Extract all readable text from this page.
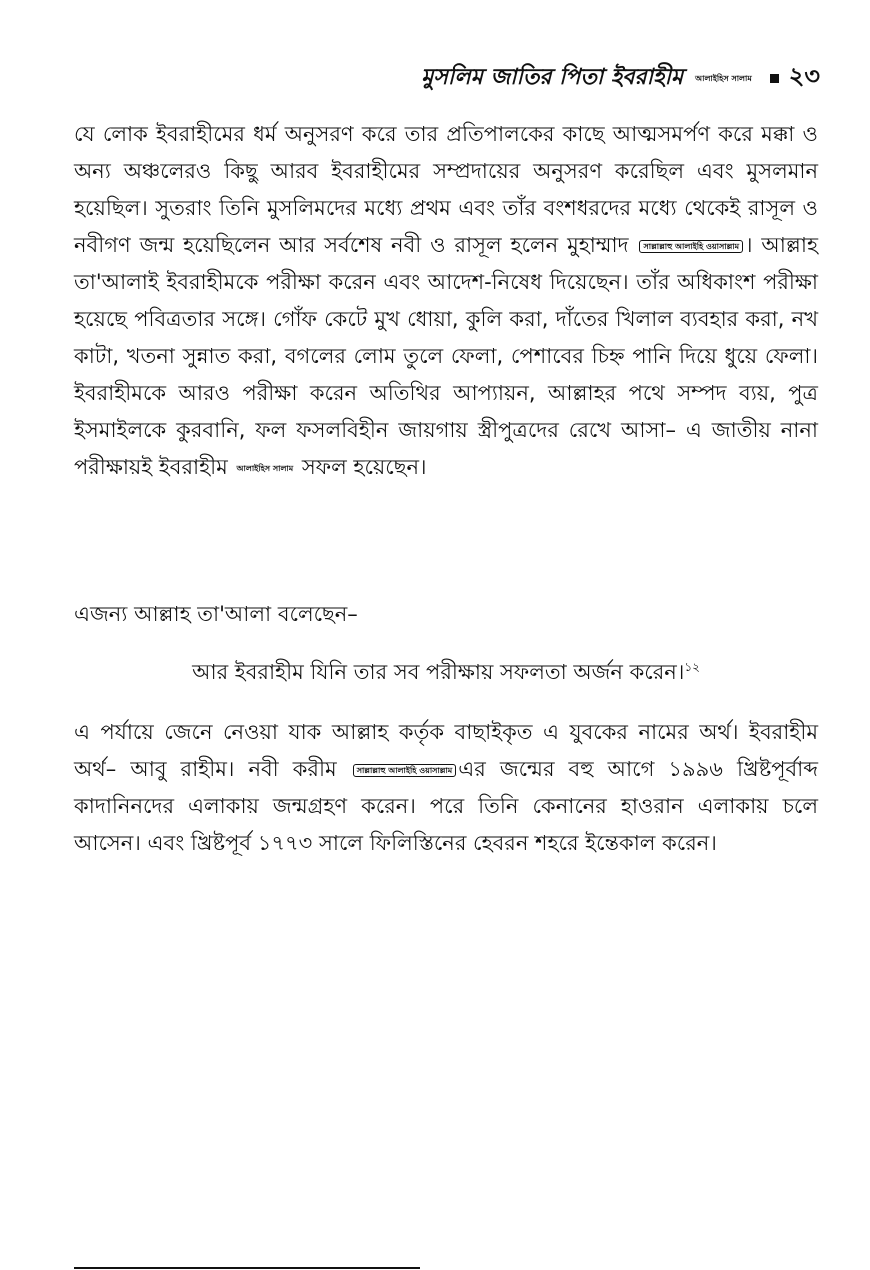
মুসলিম জাতির পিতা ইবরাহীম আলাইহিস সালাম ২৩

যে লোক ইবরাহীমের ধর্ম অনুসরণ করে তার প্রতিপালকের কাছে আত্মসমর্পণ করে মক্কা ও অন্য অঞ্চলেরও কিছু আরব ইবরাহীমের সম্প্রদায়ের অনুসরণ করেছিল এবং মুসলমান হয়েছিল। সুতরাং তিনি মুসলিমদের মধ্যে প্রথম এবং তাঁর বংশধরদের মধ্যে থেকেই রাসূল ও নবীগণ জন্ম হয়েছিলেন আর সর্বশেষ নবী ও রাসূল হলেন মুহাম্মাদ সাল্লাল্লাহু আলাইহি ওয়াসাল্লাম । আল্লাহ তা'আলাই ইবরাহীমকে পরীক্ষা করেন এবং আদেশ-নিষেধ দিয়েছেন। তাঁর অধিকাংশ পরীক্ষা হয়েছে পবিত্রতার সঙ্গে। গোঁফ কেটে মুখ ধোয়া, কুলি করা, দাঁতের খিলাল ব্যবহার করা, নখ কাটা, খতনা সুন্নাত করা, বগলের লোম তুলে ফেলা, পেশাবের চিহ্ন পানি দিয়ে ধুয়ে ফেলা। ইবরাহীমকে আরও পরীক্ষা করেন অতিথির আপ্যায়ন, আল্লাহর পথে সম্পদ ব্যয়, পুত্র ইসমাইলকে কুরবানি, ফল ফসলবিহীন জায়গায় স্ত্রীপুত্রদের রেখে আসা– এ জাতীয় নানা পরীক্ষায়ই ইবরাহীম আলাইহিস সালাম সফল হয়েছেন।

এজন্য আল্লাহ তা'আলা বলেছেন–

আর ইবরাহীম যিনি তার সব পরীক্ষায় সফলতা অর্জন করেন।$^{১২}$

এ পর্যায়ে জেনে নেওয়া যাক আল্লাহ কর্তৃক বাছাইকৃত এ যুবকের নামের অর্থ। ইবরাহীম অর্থ– আবু রাহীম। নবী করীম	সাল্লাল্লাহু আলাইহি ওয়াসাল্লাম এর জন্মের বহু আগে ১৯৯৬ খ্রিষ্টপূর্বাব্দ কাদানিনদের এলাকায় জন্মগ্রহণ করেন। পরে তিনি কেনানের হাওরান এলাকায় চলে আসেন। এবং খ্রিষ্টপূর্ব ১৭৭৩ সালে ফিলিস্তিনের হেবরন শহরে ইন্তেকাল করেন।
